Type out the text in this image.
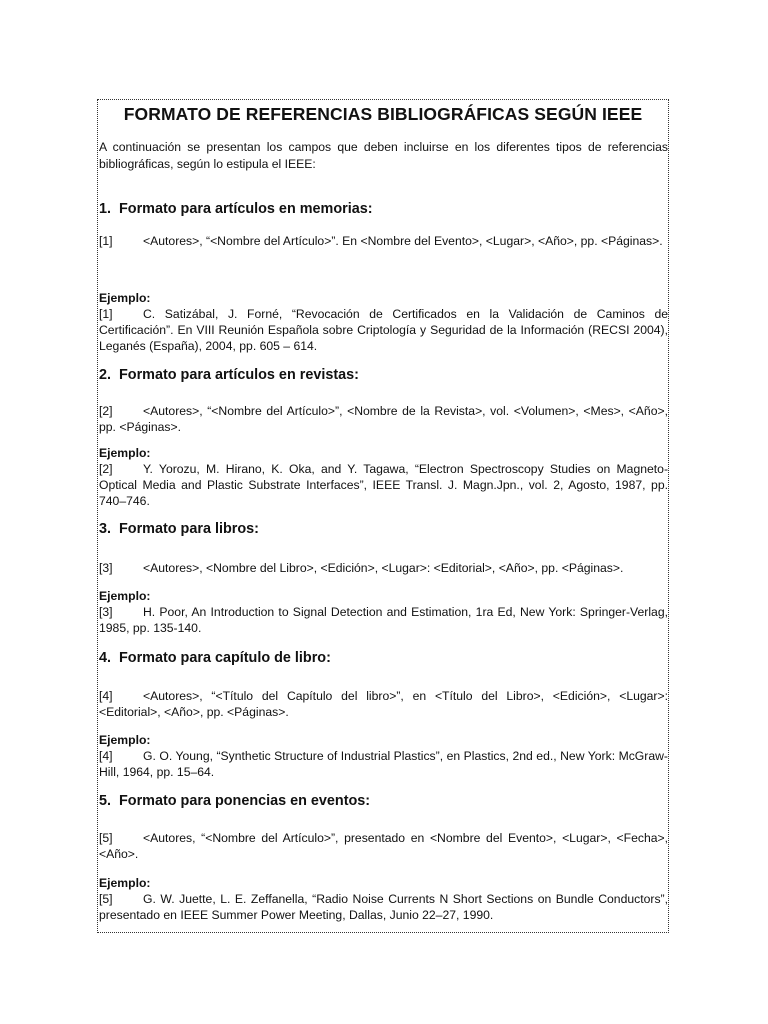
FORMATO DE REFERENCIAS BIBLIOGRÁFICAS SEGÚN IEEE

A continuación se presentan los campos que deben incluirse en los diferentes tipos de referencias bibliográficas, según lo estipula el IEEE:

1. Formato para artículos en memorias:

[1] <Autores>, “<Nombre del Artículo>”. En <Nombre del Evento>, <Lugar>, <Año>, pp. <Páginas>.

Ejemplo:

[1] C. Satizábal, J. Forné, “Revocación de Certificados en la Validación de Caminos de Certificación”. En VIII Reunión Española sobre Criptología y Seguridad de la Información (RECSI 2004), Leganés (España), 2004, pp. 605 – 614.

2. Formato para artículos en revistas:

[2] <Autores>, “<Nombre del Artículo>”, <Nombre de la Revista>, vol. <Volumen>, <Mes>, <Año>, pp. <Páginas>.

Ejemplo:

[2] Y. Yorozu, M. Hirano, K. Oka, and Y. Tagawa, “Electron Spectroscopy Studies on Magneto-Optical Media and Plastic Substrate Interfaces”, IEEE Transl. J. Magn.Jpn., vol. 2, Agosto, 1987, pp. 740–746.

3. Formato para libros:

[3] <Autores>, <Nombre del Libro>, <Edición>, <Lugar>: <Editorial>, <Año>, pp. <Páginas>.

Ejemplo:

[3] H. Poor, An Introduction to Signal Detection and Estimation, 1ra Ed, New York: Springer-Verlag, 1985, pp. 135-140.

4. Formato para capítulo de libro:

[4] <Autores>, “<Título del Capítulo del libro>”, en <Título del Libro>, <Edición>, <Lugar>: <Editorial>, <Año>, pp. <Páginas>.

Ejemplo:

[4] G. O. Young, “Synthetic Structure of Industrial Plastics”, en Plastics, 2nd ed., New York: McGraw-Hill, 1964, pp. 15–64.

5. Formato para ponencias en eventos:

[5] <Autores, “<Nombre del Artículo>”, presentado en <Nombre del Evento>, <Lugar>, <Fecha>, <Año>.

Ejemplo:

[5] G. W. Juette, L. E. Zeffanella, “Radio Noise Currents N Short Sections on Bundle Conductors”, presentado en IEEE Summer Power Meeting, Dallas, Junio 22–27, 1990.
